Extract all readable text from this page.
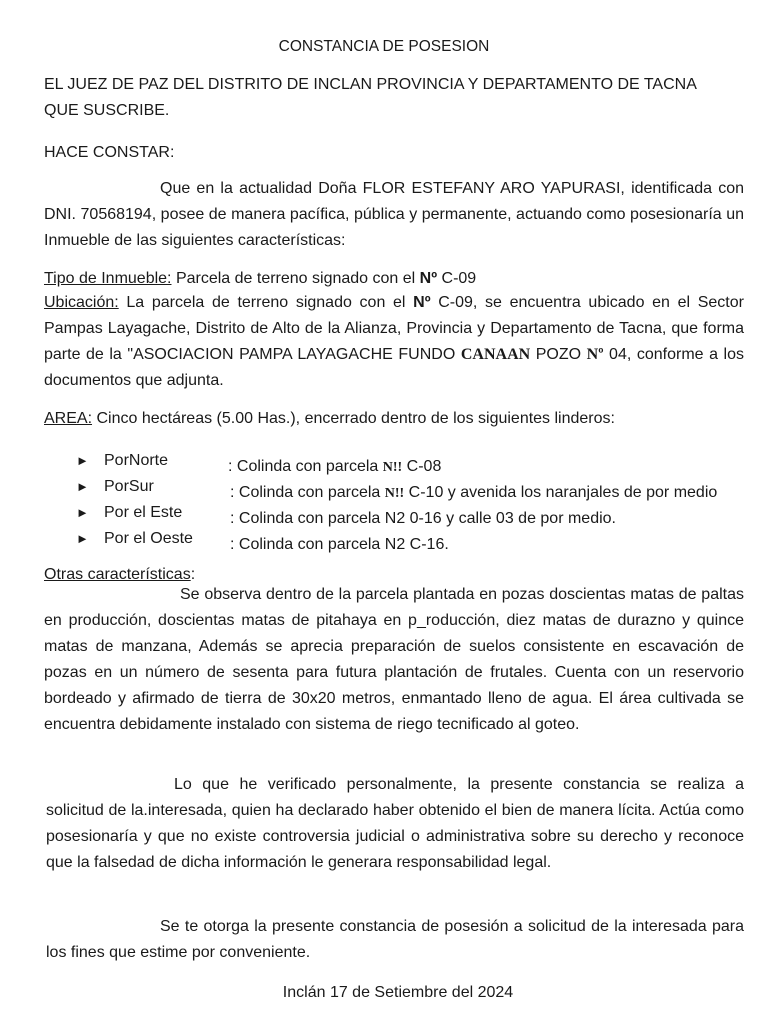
CONSTANCIA DE POSESION
EL JUEZ DE PAZ DEL DISTRITO DE INCLAN PROVINCIA Y DEPARTAMENTO DE TACNA
QUE SUSCRIBE.
HACE CONSTAR:
Que en la actualidad Doña FLOR ESTEFANY ARO YAPURASI, identificada con DNI. 70568194, posee de manera pacífica, pública y permanente, actuando como posesionaría un Inmueble de las siguientes características:
Tipo de Inmueble: Parcela de terreno signado con el Nº C-09
Ubicación: La parcela de terreno signado con el Nº C-09, se encuentra ubicado en el Sector Pampas Layagache, Distrito de Alto de la Alianza, Provincia y Departamento de Tacna, que forma parte de la "ASOCIACION PAMPA LAYAGACHE FUNDO CANAAN POZO Nº 04, conforme a los documentos que adjunta.
AREA: Cinco hectáreas (5.00 Has.), encerrado dentro de los siguientes linderos:
► PorNorte	: Colinda con parcela N!! C-08
► PorSur	: Colinda con parcela N!! C-10 y avenida los naranjales de por medio
► Por el Este	: Colinda con parcela N2 0-16 y calle 03 de por medio.
► Por el Oeste : Colinda con parcela N2 C-16.
Otras características:
Se observa dentro de la parcela plantada en pozas doscientas matas de paltas en producción, doscientas matas de pitahaya en p_roducción, diez matas de durazno y quince matas de manzana, Además se aprecia preparación de suelos consistente en escavación de pozas en un número de sesenta para futura plantación de frutales. Cuenta con un reservorio bordeado y afirmado de tierra de 30x20 metros, enmantado lleno de agua. El área cultivada se encuentra debidamente instalado con sistema de riego tecnificado al goteo.
Lo que he verificado personalmente, la presente constancia se realiza a solicitud de la.interesada, quien ha declarado haber obtenido el bien de manera lícita. Actúa como posesionaría y que no existe controversia judicial o administrativa sobre su derecho y reconoce que la falsedad de dicha información le generara responsabilidad legal.
Se te otorga la presente constancia de posesión a solicitud de la interesada para los fines que estime por conveniente.
Inclán 17 de Setiembre del 2024
